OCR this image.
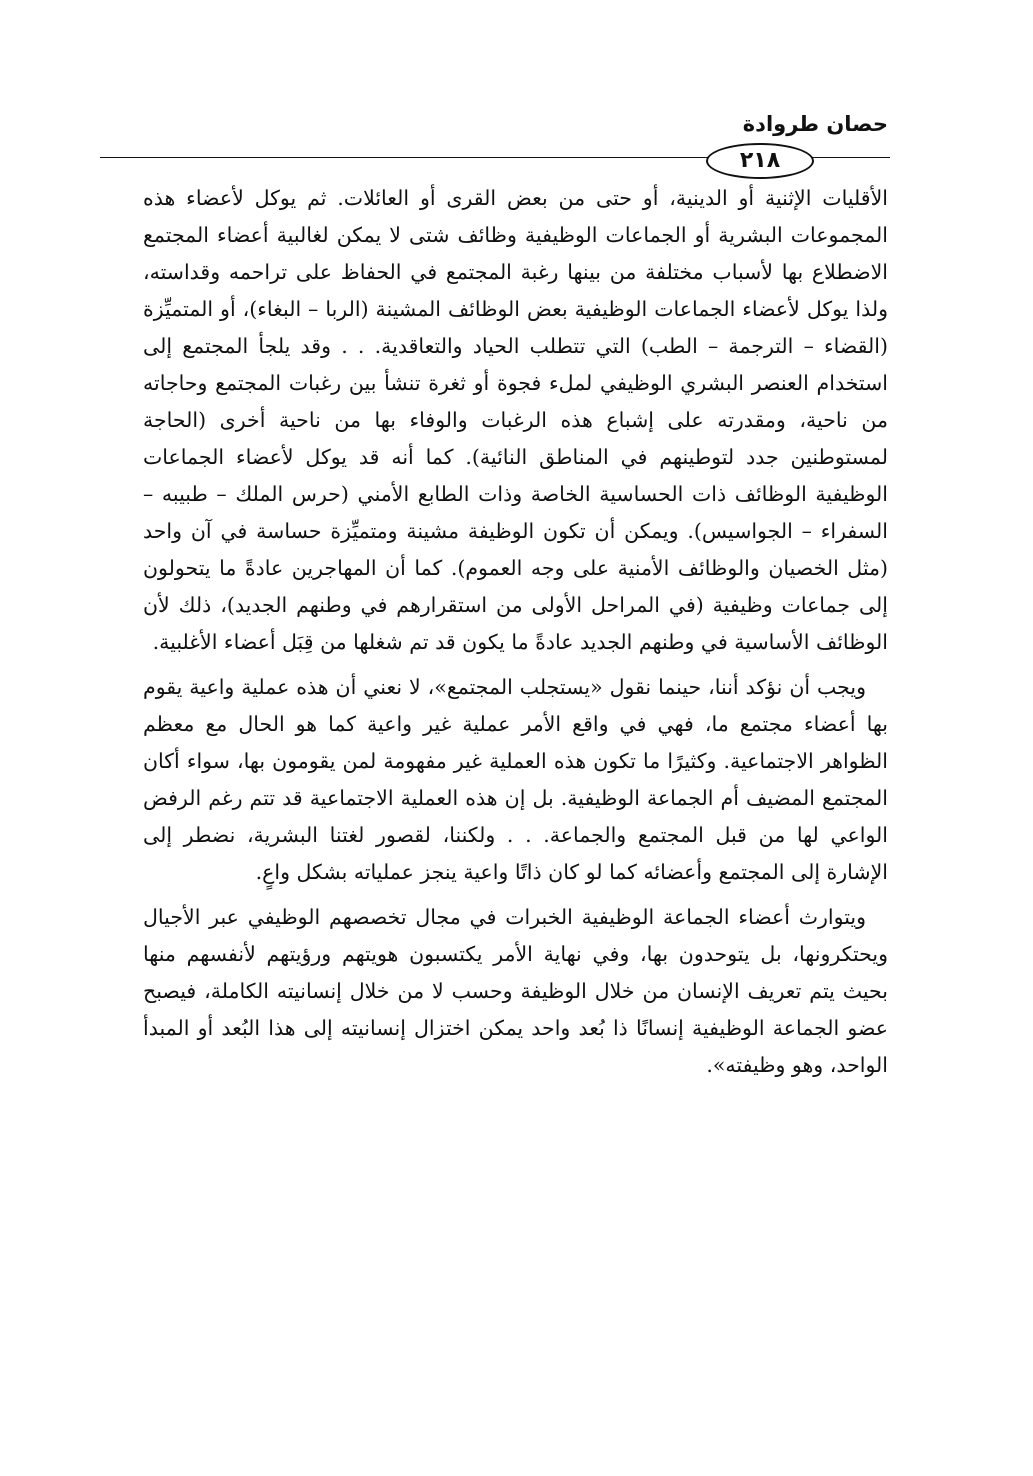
حصان طروادة
٢١٨

الأقليات الإثنية أو الدينية، أو حتى من بعض القرى أو العائلات. ثم يوكل لأعضاء هذه المجموعات البشرية أو الجماعات الوظيفية وظائف شتى لا يمكن لغالبية أعضاء المجتمع الاضطلاع بها لأسباب مختلفة من بينها رغبة المجتمع في الحفاظ على تراحمه وقداسته، ولذا يوكل لأعضاء الجماعات الوظيفية بعض الوظائف المشينة (الربا – البغاء)، أو المتميِّزة (القضاء – الترجمة – الطب) التي تتطلب الحياد والتعاقدية. . . وقد يلجأ المجتمع إلى استخدام العنصر البشري الوظيفي لملء فجوة أو ثغرة تنشأ بين رغبات المجتمع وحاجاته من ناحية، ومقدرته على إشباع هذه الرغبات والوفاء بها من ناحية أخرى (الحاجة لمستوطنين جدد لتوطينهم في المناطق النائية). كما أنه قد يوكل لأعضاء الجماعات الوظيفية الوظائف ذات الحساسية الخاصة وذات الطابع الأمني (حرس الملك – طبيبه – السفراء – الجواسيس). ويمكن أن تكون الوظيفة مشينة ومتميِّزة حساسة في آن واحد (مثل الخصيان والوظائف الأمنية على وجه العموم). كما أن المهاجرين عادةً ما يتحولون إلى جماعات وظيفية (في المراحل الأولى من استقرارهم في وطنهم الجديد)، ذلك لأن الوظائف الأساسية في وطنهم الجديد عادةً ما يكون قد تم شغلها من قِبَل أعضاء الأغلبية.

ويجب أن نؤكد أننا، حينما نقول «يستجلب المجتمع»، لا نعني أن هذه عملية واعية يقوم بها أعضاء مجتمع ما، فهي في واقع الأمر عملية غير واعية كما هو الحال مع معظم الظواهر الاجتماعية. وكثيرًا ما تكون هذه العملية غير مفهومة لمن يقومون بها، سواء أكان المجتمع المضيف أم الجماعة الوظيفية. بل إن هذه العملية الاجتماعية قد تتم رغم الرفض الواعي لها من قبل المجتمع والجماعة. . . ولكننا، لقصور لغتنا البشرية، نضطر إلى الإشارة إلى المجتمع وأعضائه كما لو كان ذاتًا واعية ينجز عملياته بشكل واعٍ.

ويتوارث أعضاء الجماعة الوظيفية الخبرات في مجال تخصصهم الوظيفي عبر الأجيال ويحتكرونها، بل يتوحدون بها، وفي نهاية الأمر يكتسبون هويتهم ورؤيتهم لأنفسهم منها بحيث يتم تعريف الإنسان من خلال الوظيفة وحسب لا من خلال إنسانيته الكاملة، فيصبح عضو الجماعة الوظيفية إنسانًا ذا بُعد واحد يمكن اختزال إنسانيته إلى هذا البُعد أو المبدأ الواحد، وهو وظيفته».
